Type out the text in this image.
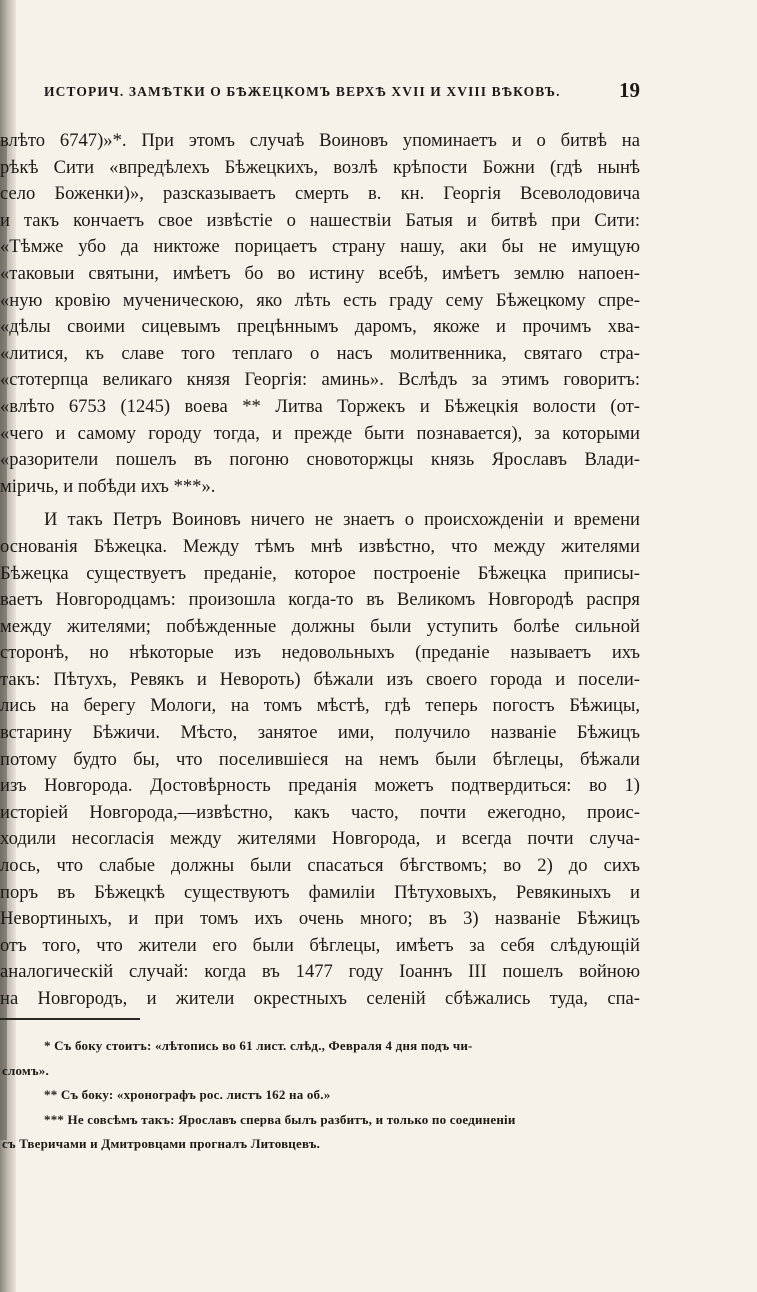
ИСТОРИЧ. ЗАМѢТКИ О БѢЖЕЦКОМЪ ВЕРХѢ XVII И XVIII ВѢКОВЪ.	19
влѣто 6747)»*. При этомъ случаѣ Воиновъ упоминаетъ и о битвѣ на
рѣкѣ Сити «впредѣлехъ Бѣжецкихъ, возлѣ крѣпости Божни (гдѣ нынѣ
село Боженки)», разсказываетъ смерть в. кн. Георгія Всеволодовича
и такъ кончаетъ свое извѣстіе о нашествіи Батыя и битвѣ при Сити:
«Тѣмже убо да никтоже порицаетъ страну нашу, аки бы не имущую
«таковыи святыни, имѣетъ бо во истину всебѣ, имѣетъ землю напоен-
«ную кровію мученическою, яко лѣть есть граду сему Бѣжецкому спре-
«дѣлы своими сицевымъ прецѣннымъ даромъ, якоже и прочимъ хва-
«литися, къ славе того теплаго о насъ молитвенника, святаго стра-
«стотерпца великаго князя Георгія: аминь». Вслѣдъ за этимъ говоритъ:
«влѣто 6753 (1245) воева ** Литва Торжекъ и Бѣжецкія волости (от-
«чего и самому городу тогда, и прежде быти познавается), за которыми
«разорители пошелъ въ погоню сновоторжцы князь Ярославъ Влади-
мiричь, и побѣди ихъ ***».
И такъ Петръ Воиновъ ничего не знаетъ о происхожденіи и времени
основанія Бѣжецка. Между тѣмъ мнѣ извѣстно, что между жителями
Бѣжецка существуетъ преданіе, которое построеніе Бѣжецка приписы-
ваетъ Новгородцамъ: произошла когда-то въ Великомъ Новгородѣ распря
между жителями; побѣжденные должны были уступить болѣе сильной
сторонѣ, но нѣкоторые изъ недовольныхъ (преданіе называетъ ихъ
такъ: Пѣтухъ, Ревякъ и Невороть) бѣжали изъ своего города и посели-
лись на берегу Мологи, на томъ мѣстѣ, гдѣ теперь погостъ Бѣжицы,
встарину Бѣжичи. Мѣсто, занятое ими, получило названіе Бѣжицъ
потому будто бы, что поселившіеся на немъ были бѣглецы, бѣжали
изъ Новгорода. Достовѣрность преданія можетъ подтвердиться: во 1)
исторіей Новгорода,—извѣстно, какъ часто, почти ежегодно, проис-
ходили несогласія между жителями Новгорода, и всегда почти случа-
лось, что слабые должны были спасаться бѣгствомъ; во 2) до сихъ
поръ въ Бѣжецкѣ существуютъ фамиліи Пѣтуховыхъ, Ревякиныхъ и
Невортиныхъ, и при томъ ихъ очень много; въ 3) названіе Бѣжицъ
отъ того, что жители его были бѣглецы, имѣетъ за себя слѣдующій
аналогическій случай: когда въ 1477 году Іоаннъ III пошелъ войною
на Новгородъ, и жители окрестныхъ селеній сбѣжались туда, спа-
* Съ боку стоитъ: «лѣтопись во 61 лист. слѣд., Февраля 4 дня подъ чи-
сломъ».
** Съ боку: «хронографъ рос. листъ 162 на об.»
*** Не совсѣмъ такъ: Ярославъ сперва былъ разбитъ, и только по соединеніи
съ Тверичами и Дмитровцами прогналъ Литовцевъ.
